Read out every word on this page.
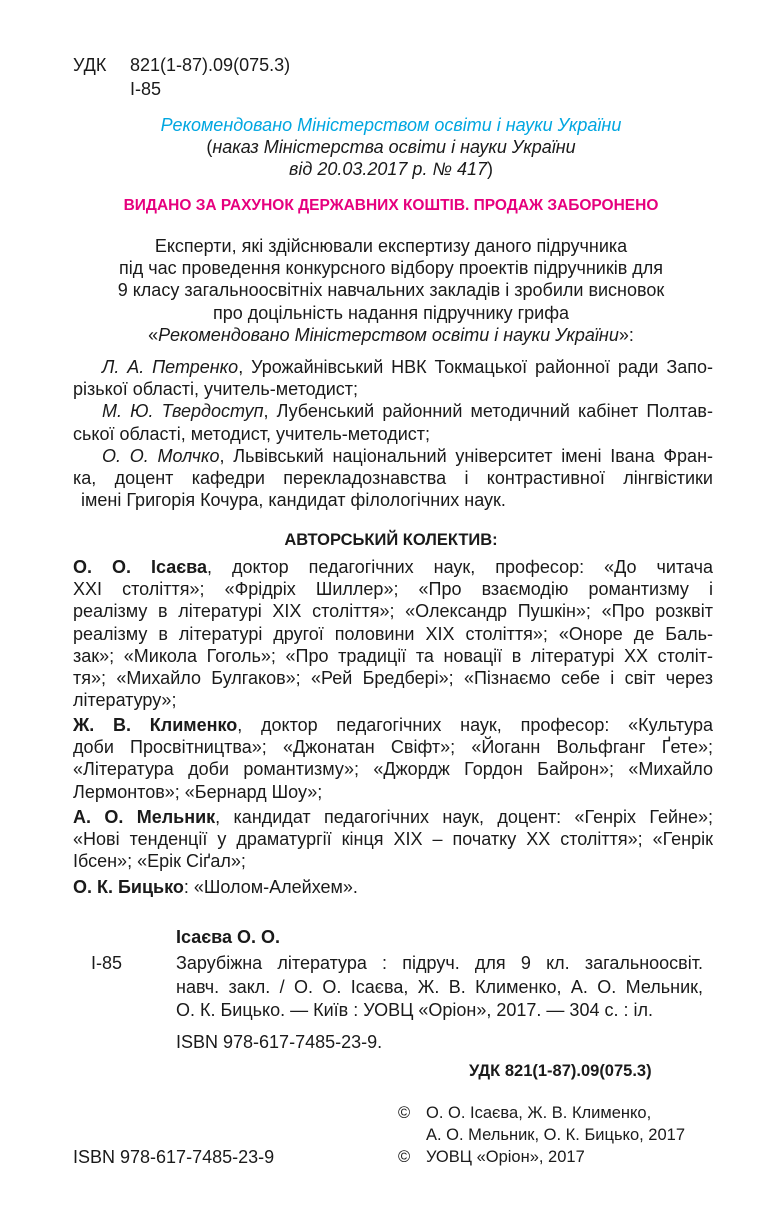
УДК 821(1-87).09(075.3)
І-85
Рекомендовано Міністерством освіти і науки України
(наказ Міністерства освіти і науки України
від 20.03.2017 р. № 417)
ВИДАНО ЗА РАХУНОК ДЕРЖАВНИХ КОШТІВ. ПРОДАЖ ЗАБОРОНЕНО
Експерти, які здійснювали експертизу даного підручника
під час проведення конкурсного відбору проектів підручників для
9 класу загальноосвітніх навчальних закладів і зробили висновок
про доцільність надання підручнику грифа
«Рекомендовано Міністерством освіти і науки України»:
Л. А. Петренко, Урожайнівський НВК Токмацької районної ради Запо-
різької області, учитель-методист;
М. Ю. Твердоступ, Лубенський районний методичний кабінет Полтав-
ської області, методист, учитель-методист;
О. О. Молчко, Львівський національний університет імені Івана Фран-
ка, доцент кафедри перекладознавства і контрастивної лінгвістики
імені Григорія Кочура, кандидат філологічних наук.
АВТОРСЬКИЙ КОЛЕКТИВ:
О. О. Ісаєва, доктор педагогічних наук, професор: «До читача
ХХІ століття»; «Фрідріх Шиллер»; «Про взаємодію романтизму і
реалізму в літературі ХІХ століття»; «Олександр Пушкін»; «Про розквіт
реалізму в літературі другої половини ХІХ століття»; «Оноре де Баль-
зак»; «Микола Гоголь»; «Про традиції та новації в літературі ХХ століт-
тя»; «Михайло Булгаков»; «Рей Бредбері»; «Пізнаємо себе і світ через
літературу»;
Ж. В. Клименко, доктор педагогічних наук, професор: «Культура
доби Просвітництва»; «Джонатан Свіфт»; «Йоганн Вольфганг Ґете»;
«Література доби романтизму»; «Джордж Гордон Байрон»; «Михайло
Лермонтов»; «Бернард Шоу»;
А. О. Мельник, кандидат педагогічних наук, доцент: «Генріх Гейне»;
«Нові тенденції у драматургії кінця ХІХ – початку ХХ століття»; «Генрік
Ібсен»; «Ерік Сіґал»;
О. К. Бицько: «Шолом-Алейхем».
Ісаєва О. О.
І-85	Зарубіжна література : підруч. для 9 кл. загальноосвіт.
навч. закл. / О. О. Ісаєва, Ж. В. Клименко, А. О. Мельник,
О. К. Бицько. — Київ : УОВЦ «Оріон», 2017. — 304 с. : іл.
ISBN 978-617-7485-23-9.
УДК 821(1-87).09(075.3)
© О. О. Ісаєва, Ж. В. Клименко,
А. О. Мельник, О. К. Бицько, 2017
© УОВЦ «Оріон», 2017
ISBN 978-617-7485-23-9
